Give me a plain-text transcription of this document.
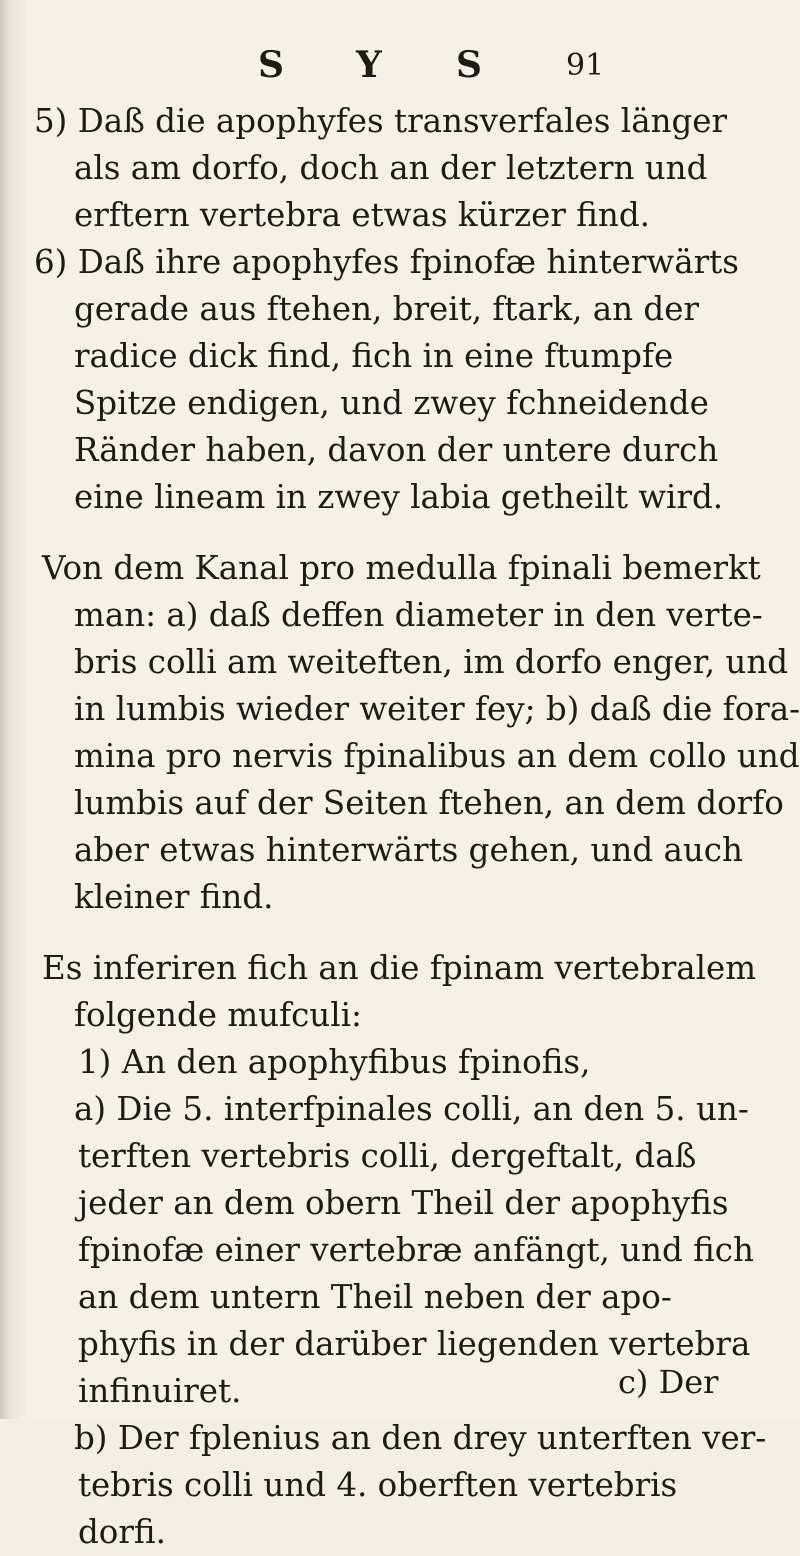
S Y S	91
5) Daß die apophyfes transverfales länger
als am dorfo, doch an der letztern und
erftern vertebra etwas kürzer find.
6) Daß ihre apophyfes fpinofæ hinterwärts
gerade aus ftehen, breit, ftark, an der
radice dick find, fich in eine ftumpfe
Spitze endigen, und zwey fchneidende
Ränder haben, davon der untere durch
eine lineam in zwey labia getheilt wird.
Von dem Kanal pro medulla fpinali bemerkt
man: a) daß deffen diameter in den verte-
bris colli am weiteften, im dorfo enger, und
in lumbis wieder weiter fey; b) daß die fora-
mina pro nervis fpinalibus an dem collo und
lumbis auf der Seiten ftehen, an dem dorfo
aber etwas hinterwärts gehen, und auch
kleiner find.
Es inferiren fich an die fpinam vertebralem
folgende mufculi:
1) An den apophyfibus fpinofis,
a) Die 5. interfpinales colli, an den 5. un-
terften vertebris colli, dergeftalt, daß
jeder an dem obern Theil der apophyfis
fpinofæ einer vertebræ anfängt, und fich
an dem untern Theil neben der apo-
phyfis in der darüber liegenden vertebra
infinuiret.
b) Der fplenius an den drey unterften ver-
tebris colli und 4. oberften vertebris
dorfi.
c) Der
